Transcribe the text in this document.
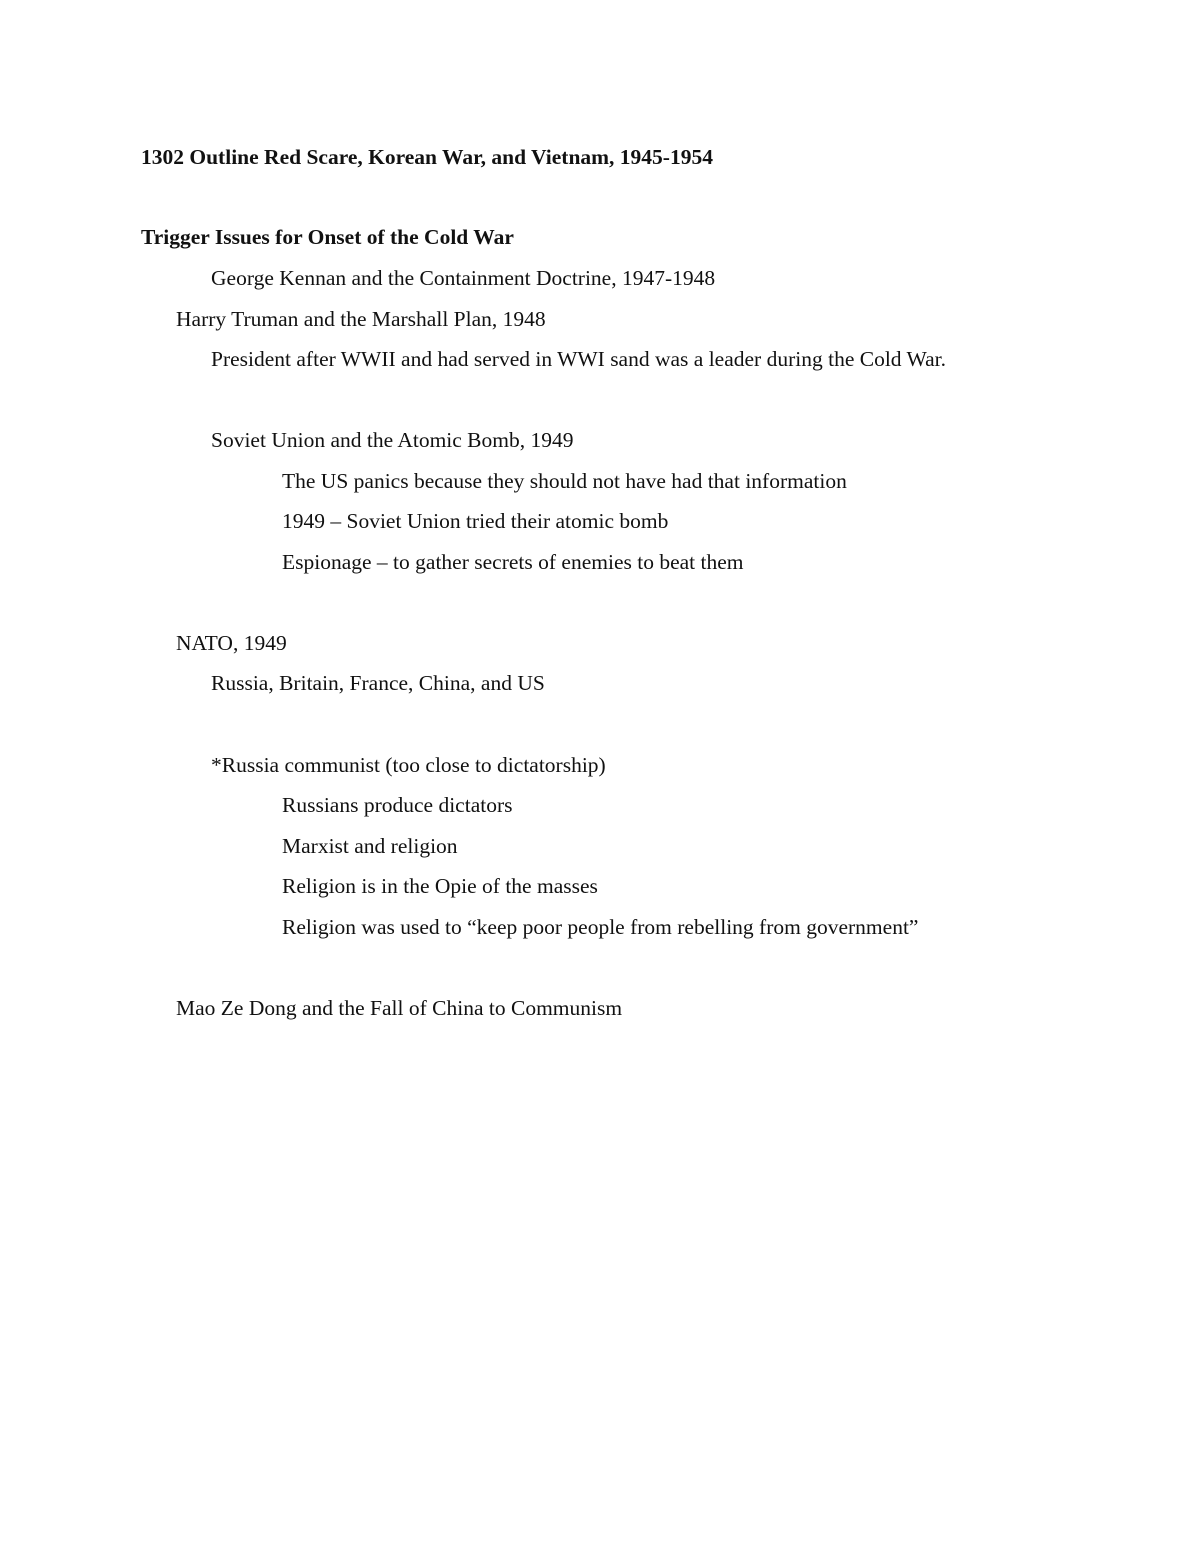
1302 Outline Red Scare, Korean War, and Vietnam, 1945-1954
Trigger Issues for Onset of the Cold War
George Kennan and the Containment Doctrine, 1947-1948
Harry Truman and the Marshall Plan, 1948
President after WWII and had served in WWI sand was a leader during the Cold War.
Soviet Union and the Atomic Bomb, 1949
The US panics because they should not have had that information
1949 – Soviet Union tried their atomic bomb
Espionage – to gather secrets of enemies to beat them
NATO, 1949
Russia, Britain, France, China, and US
*Russia communist (too close to dictatorship)
Russians produce dictators
Marxist and religion
Religion is in the Opie of the masses
Religion was used to “keep poor people from rebelling from government”
Mao Ze Dong and the Fall of China to Communism
